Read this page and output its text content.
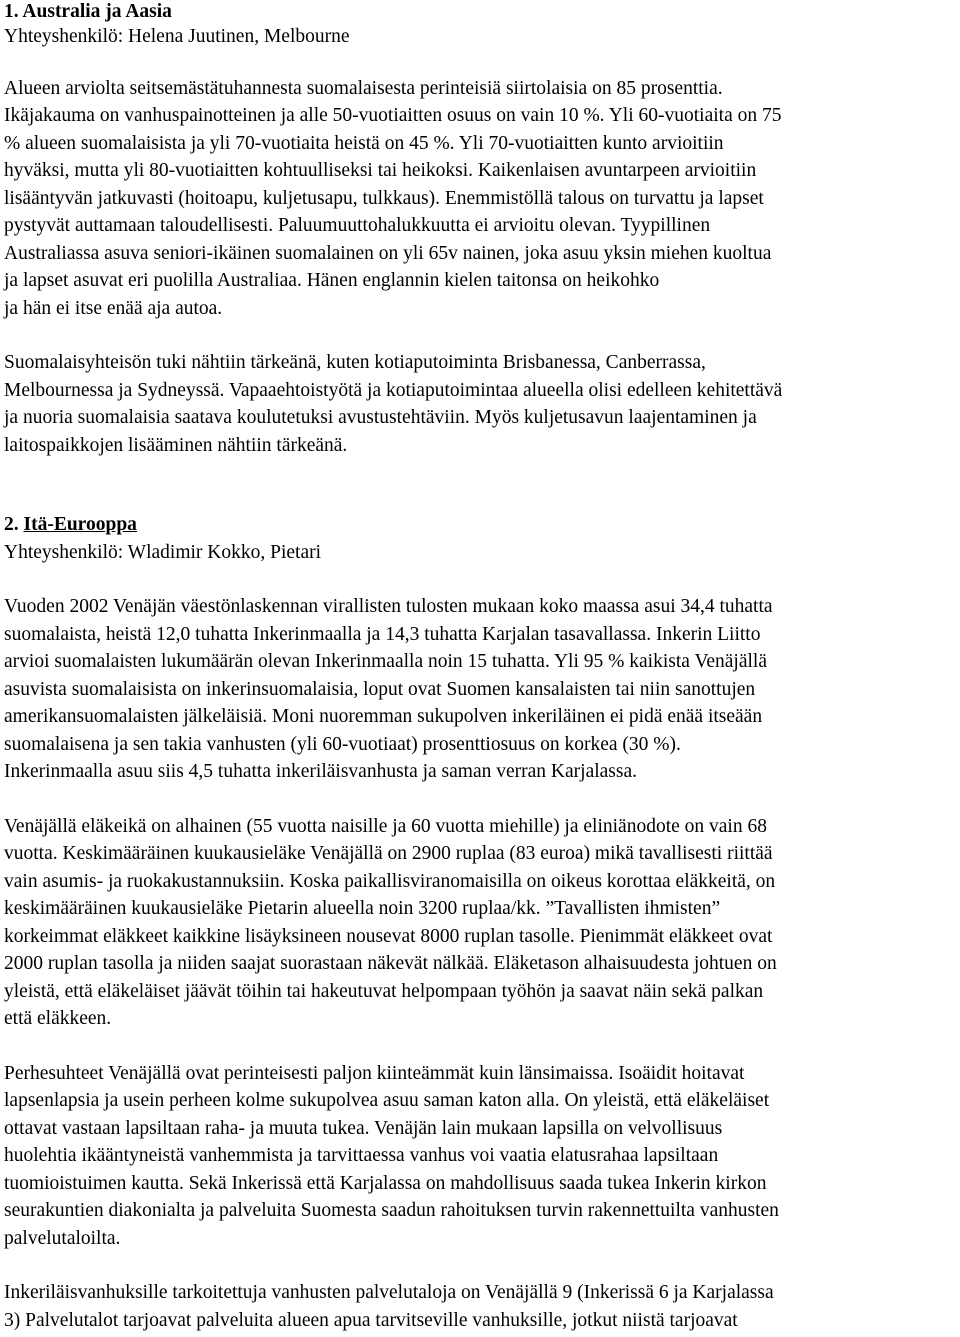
1. Australia ja Aasia
Yhteyshenkilö: Helena Juutinen, Melbourne
Alueen arviolta seitsemästätuhannesta suomalaisesta perinteisiä siirtolaisia on 85 prosenttia.
Ikäjakauma on vanhuspainotteinen ja alle 50-vuotiaitten osuus on vain 10 %. Yli 60-vuotiaita on 75
% alueen suomalaisista ja yli 70-vuotiaita heistä on 45 %. Yli 70-vuotiaitten kunto arvioitiin
hyväksi, mutta yli 80-vuotiaitten kohtuulliseksi tai heikoksi. Kaikenlaisen avuntarpeen arvioitiin
lisääntyvän jatkuvasti (hoitoapu, kuljetusapu, tulkkaus). Enemmistöllä talous on turvattu ja lapset
pystyvät auttamaan taloudellisesti. Paluumuuttohalukkuutta ei arvioitu olevan. Tyypillinen
Australiassa asuva seniori-ikäinen suomalainen on yli 65v nainen, joka asuu yksin miehen kuoltua
ja lapset asuvat eri puolilla Australiaa. Hänen englannin kielen taitonsa on heikohko
ja hän ei itse enää aja autoa.
Suomalaisyhteisön tuki nähtiin tärkeänä, kuten kotiaputoiminta Brisbanessa, Canberrassa,
Melbournessa ja Sydneyssä. Vapaaehtoistyötä ja kotiaputoimintaa alueella olisi edelleen kehitettävä
ja nuoria suomalaisia saatava koulutetuksi avustustehtäviin. Myös kuljetusavun laajentaminen ja
laitospaikkojen lisääminen nähtiin tärkeänä.
2. Itä-Eurooppa
Yhteyshenkilö: Wladimir Kokko, Pietari
Vuoden 2002 Venäjän väestönlaskennan virallisten tulosten mukaan koko maassa asui 34,4 tuhatta
suomalaista, heistä 12,0 tuhatta Inkerinmaalla ja 14,3 tuhatta Karjalan tasavallassa. Inkerin Liitto
arvioi suomalaisten lukumäärän olevan Inkerinmaalla noin 15 tuhatta. Yli 95 % kaikista Venäjällä
asuvista suomalaisista on inkerinsuomalaisia, loput ovat Suomen kansalaisten tai niin sanottujen
amerikansuomalaisten jälkeläisiä. Moni nuoremman sukupolven inkeriläinen ei pidä enää itseään
suomalaisena ja sen takia vanhusten (yli 60-vuotiaat) prosenttiosuus on korkea (30 %).
Inkerinmaalla asuu siis 4,5 tuhatta inkeriläisvanhusta ja saman verran Karjalassa.
Venäjällä eläkeikä on alhainen (55 vuotta naisille ja 60 vuotta miehille) ja eliniänodote on vain 68
vuotta. Keskimääräinen kuukausieläke Venäjällä on 2900 ruplaa (83 euroa) mikä tavallisesti riittää
vain asumis- ja ruokakustannuksiin. Koska paikallisviranomaisilla on oikeus korottaa eläkkeitä, on
keskimääräinen kuukausieläke Pietarin alueella noin 3200 ruplaa/kk. ”Tavallisten ihmisten”
korkeimmat eläkkeet kaikkine lisäyksineen nousevat 8000 ruplan tasolle. Pienimmät eläkkeet ovat
2000 ruplan tasolla ja niiden saajat suorastaan näkevät nälkää. Eläketason alhaisuudesta johtuen on
yleistä, että eläkeläiset jäävät töihin tai hakeutuvat helpompaan työhön ja saavat näin sekä palkan
että eläkkeen.
Perhesuhteet Venäjällä ovat perinteisesti paljon kiinteämmät kuin länsimaissa. Isoäidit hoitavat
lapsenlapsia ja usein perheen kolme sukupolvea asuu saman katon alla. On yleistä, että eläkeläiset
ottavat vastaan lapsiltaan raha- ja muuta tukea. Venäjän lain mukaan lapsilla on velvollisuus
huolehtia ikääntyneistä vanhemmista ja tarvittaessa vanhus voi vaatia elatusrahaa lapsiltaan
tuomioistuimen kautta. Sekä Inkerissä että Karjalassa on mahdollisuus saada tukea Inkerin kirkon
seurakuntien diakonialta ja palveluita Suomesta saadun rahoituksen turvin rakennettuilta vanhusten
palvelutaloilta.
Inkeriläisvanhuksille tarkoitettuja vanhusten palvelutaloja on Venäjällä 9 (Inkerissä 6 ja Karjalassa
3) Palvelutalot tarjoavat palveluita alueen apua tarvitseville vanhuksille, jotkut niistä tarjoavat
